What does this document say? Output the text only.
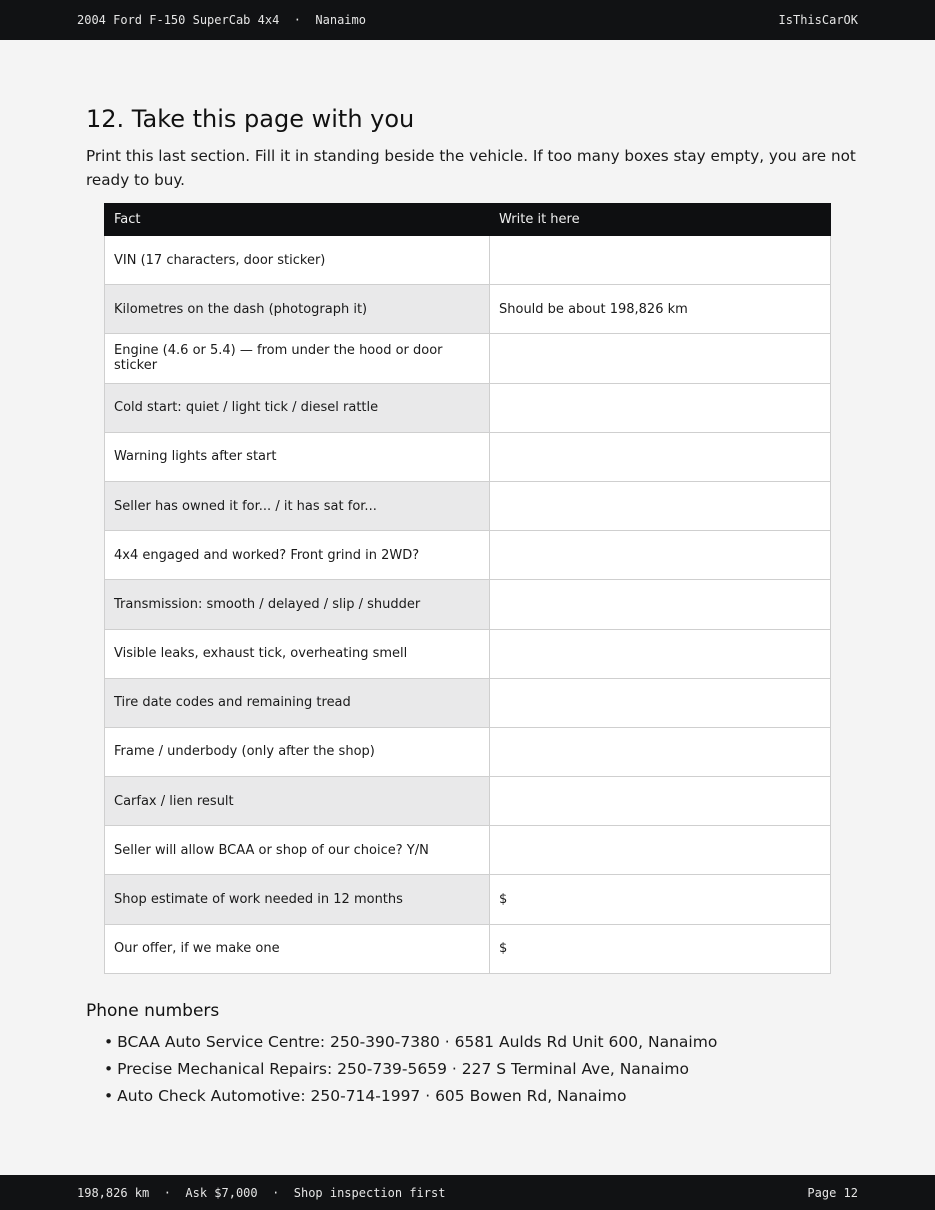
2004 Ford F-150 SuperCab 4x4  ·  Nanaimo	IsThisCarOK
12. Take this page with you

Print this last section. Fill it in standing beside the vehicle. If too many boxes stay empty, you are not ready to buy.

Fact	Write it here
VIN (17 characters, door sticker)	
Kilometres on the dash (photograph it)	Should be about 198,826 km
Engine (4.6 or 5.4) — from under the hood or door sticker	
Cold start: quiet / light tick / diesel rattle	
Warning lights after start	
Seller has owned it for... / it has sat for...	
4x4 engaged and worked? Front grind in 2WD?	
Transmission: smooth / delayed / slip / shudder	
Visible leaks, exhaust tick, overheating smell	
Tire date codes and remaining tread	
Frame / underbody (only after the shop)	
Carfax / lien result	
Seller will allow BCAA or shop of our choice? Y/N	
Shop estimate of work needed in 12 months	$
Our offer, if we make one	$
Phone numbers
• BCAA Auto Service Centre: 250-390-7380 · 6581 Aulds Rd Unit 600, Nanaimo
• Precise Mechanical Repairs: 250-739-5659 · 227 S Terminal Ave, Nanaimo
• Auto Check Automotive: 250-714-1997 · 605 Bowen Rd, Nanaimo
198,826 km  ·  Ask $7,000  ·  Shop inspection first	Page 12
